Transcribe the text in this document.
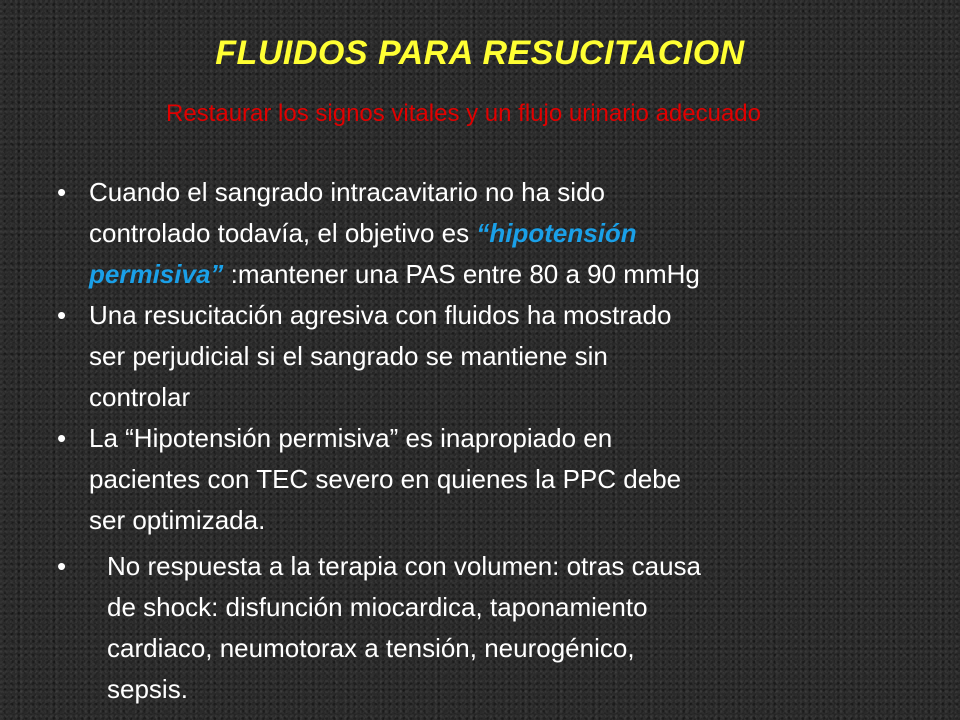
FLUIDOS PARA RESUCITACION
Restaurar los signos vitales y un flujo urinario adecuado
• Cuando el sangrado intracavitario no ha sido
controlado todavía, el objetivo es “hipotensión
permisiva” :mantener una PAS entre 80 a 90 mmHg
• Una resucitación agresiva con fluidos ha mostrado
ser perjudicial si el sangrado se mantiene sin
controlar
• La “Hipotensión permisiva” es inapropiado en
pacientes con TEC severo en quienes la PPC debe
ser optimizada.
• No respuesta a la terapia con volumen: otras causa
de shock: disfunción miocardica, taponamiento
cardiaco, neumotorax a tensión, neurogénico,
sepsis.
